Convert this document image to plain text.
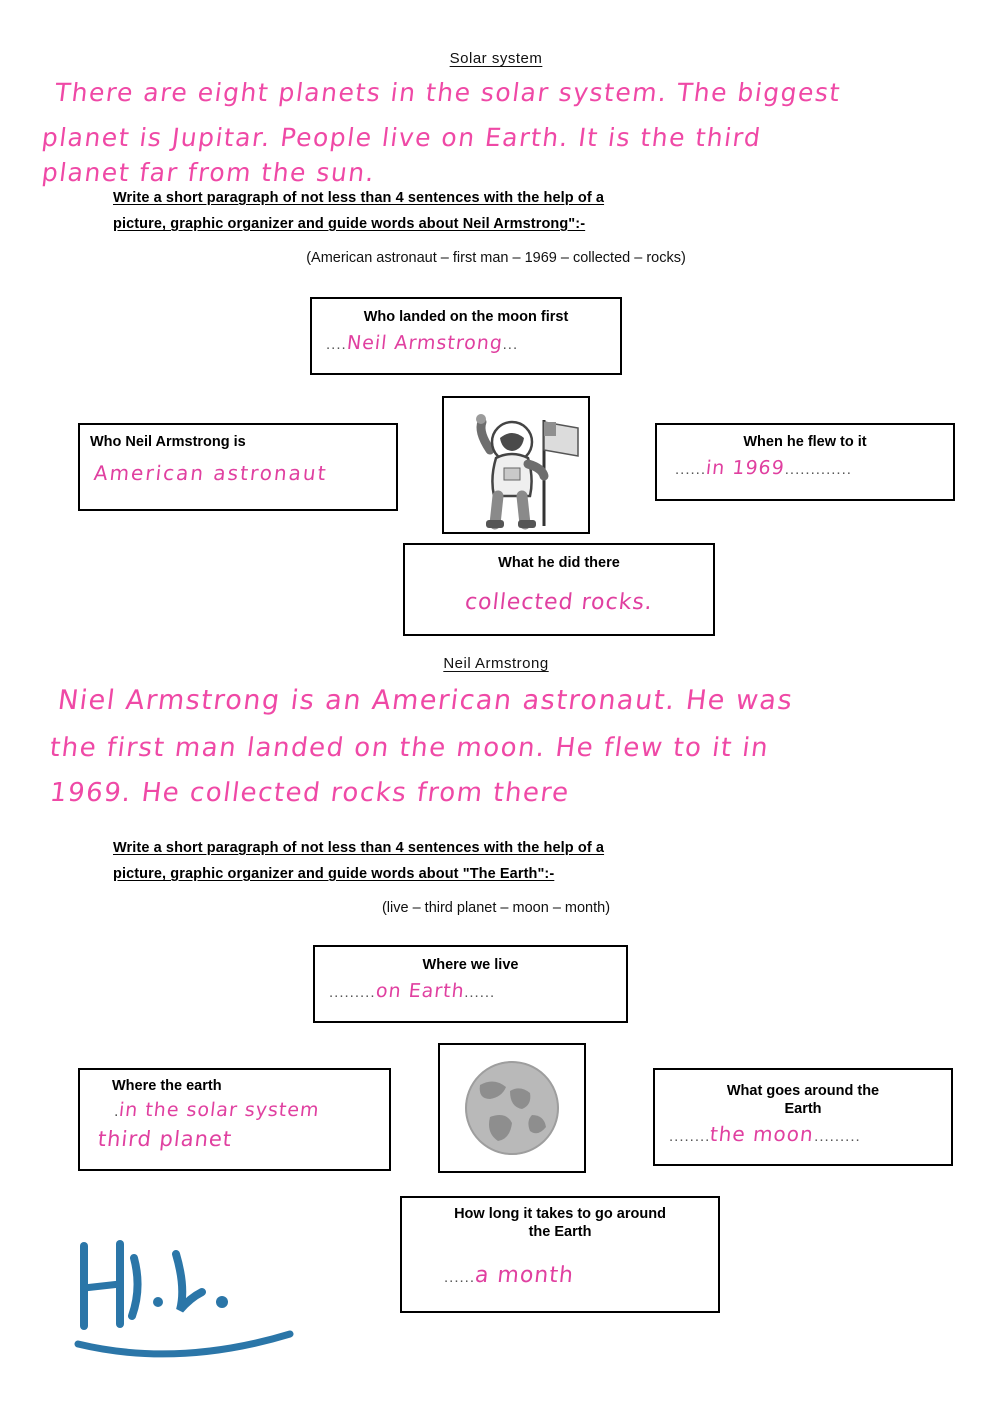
Solar system
There are eight planets in the solar system. The biggest
planet is Jupitar. People live on Earth. It is the third
planet far from the sun.
Write a short paragraph of not less than 4 sentences with the help of a
picture, graphic organizer and guide words about Neil Armstrong":-
(American astronaut – first man – 1969 – collected – rocks)
Who landed on the moon first
....Neil Armstrong...
Who Neil Armstrong is
American astronaut
When he flew to it
......in 1969.............
What he did there
collected rocks.
Neil Armstrong
Niel Armstrong is an American astronaut. He was
the first man landed on the moon. He flew to it in
1969. He collected rocks from there
Write a short paragraph of not less than 4 sentences with the help of a
picture, graphic organizer and guide words about "The Earth":-
(live – third planet – moon – month)
Where we live
.........on Earth......
Where the earth
.in the solar system
third planet
What goes around the
Earth
........the moon.........
How long it takes to go around
the Earth
......a month
